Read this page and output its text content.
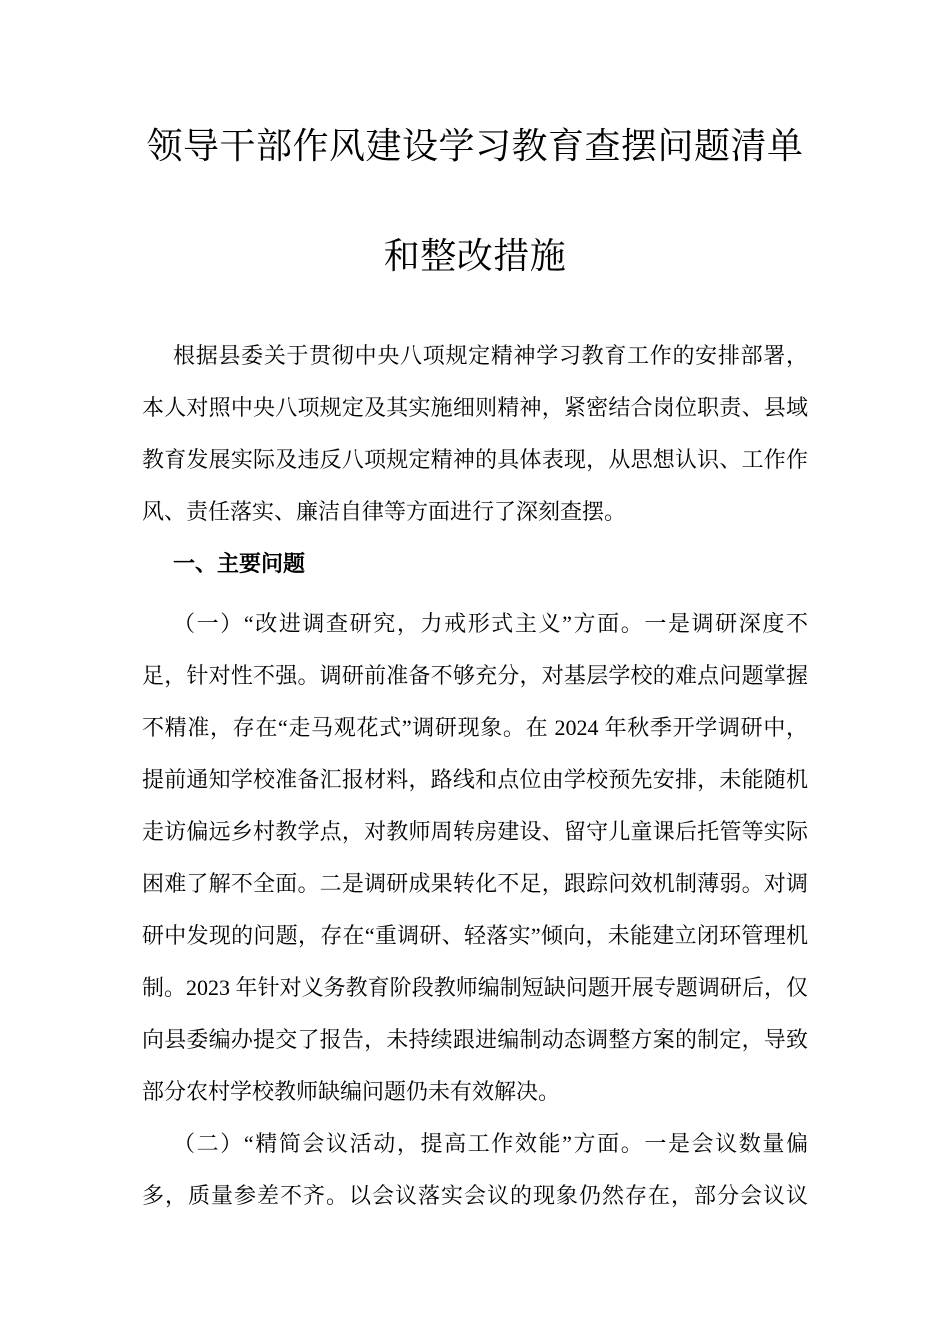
领导干部作风建设学习教育查摆问题清单
和整改措施

根据县委关于贯彻中央八项规定精神学习教育工作的安排部署，本人对照中央八项规定及其实施细则精神，紧密结合岗位职责、县域教育发展实际及违反八项规定精神的具体表现，从思想认识、工作作风、责任落实、廉洁自律等方面进行了深刻查摆。

一、主要问题

（一）“改进调查研究，力戒形式主义”方面。一是调研深度不足，针对性不强。调研前准备不够充分，对基层学校的难点问题掌握不精准，存在“走马观花式”调研现象。在 2024 年秋季开学调研中，提前通知学校准备汇报材料，路线和点位由学校预先安排，未能随机走访偏远乡村教学点，对教师周转房建设、留守儿童课后托管等实际困难了解不全面。二是调研成果转化不足，跟踪问效机制薄弱。对调研中发现的问题，存在“重调研、轻落实”倾向，未能建立闭环管理机制。2023 年针对义务教育阶段教师编制短缺问题开展专题调研后，仅向县委编办提交了报告，未持续跟进编制动态调整方案的制定，导致部分农村学校教师缺编问题仍未有效解决。

（二）“精简会议活动，提高工作效能”方面。一是会议数量偏多，质量参差不齐。以会议落实会议的现象仍然存在，部分会议议
